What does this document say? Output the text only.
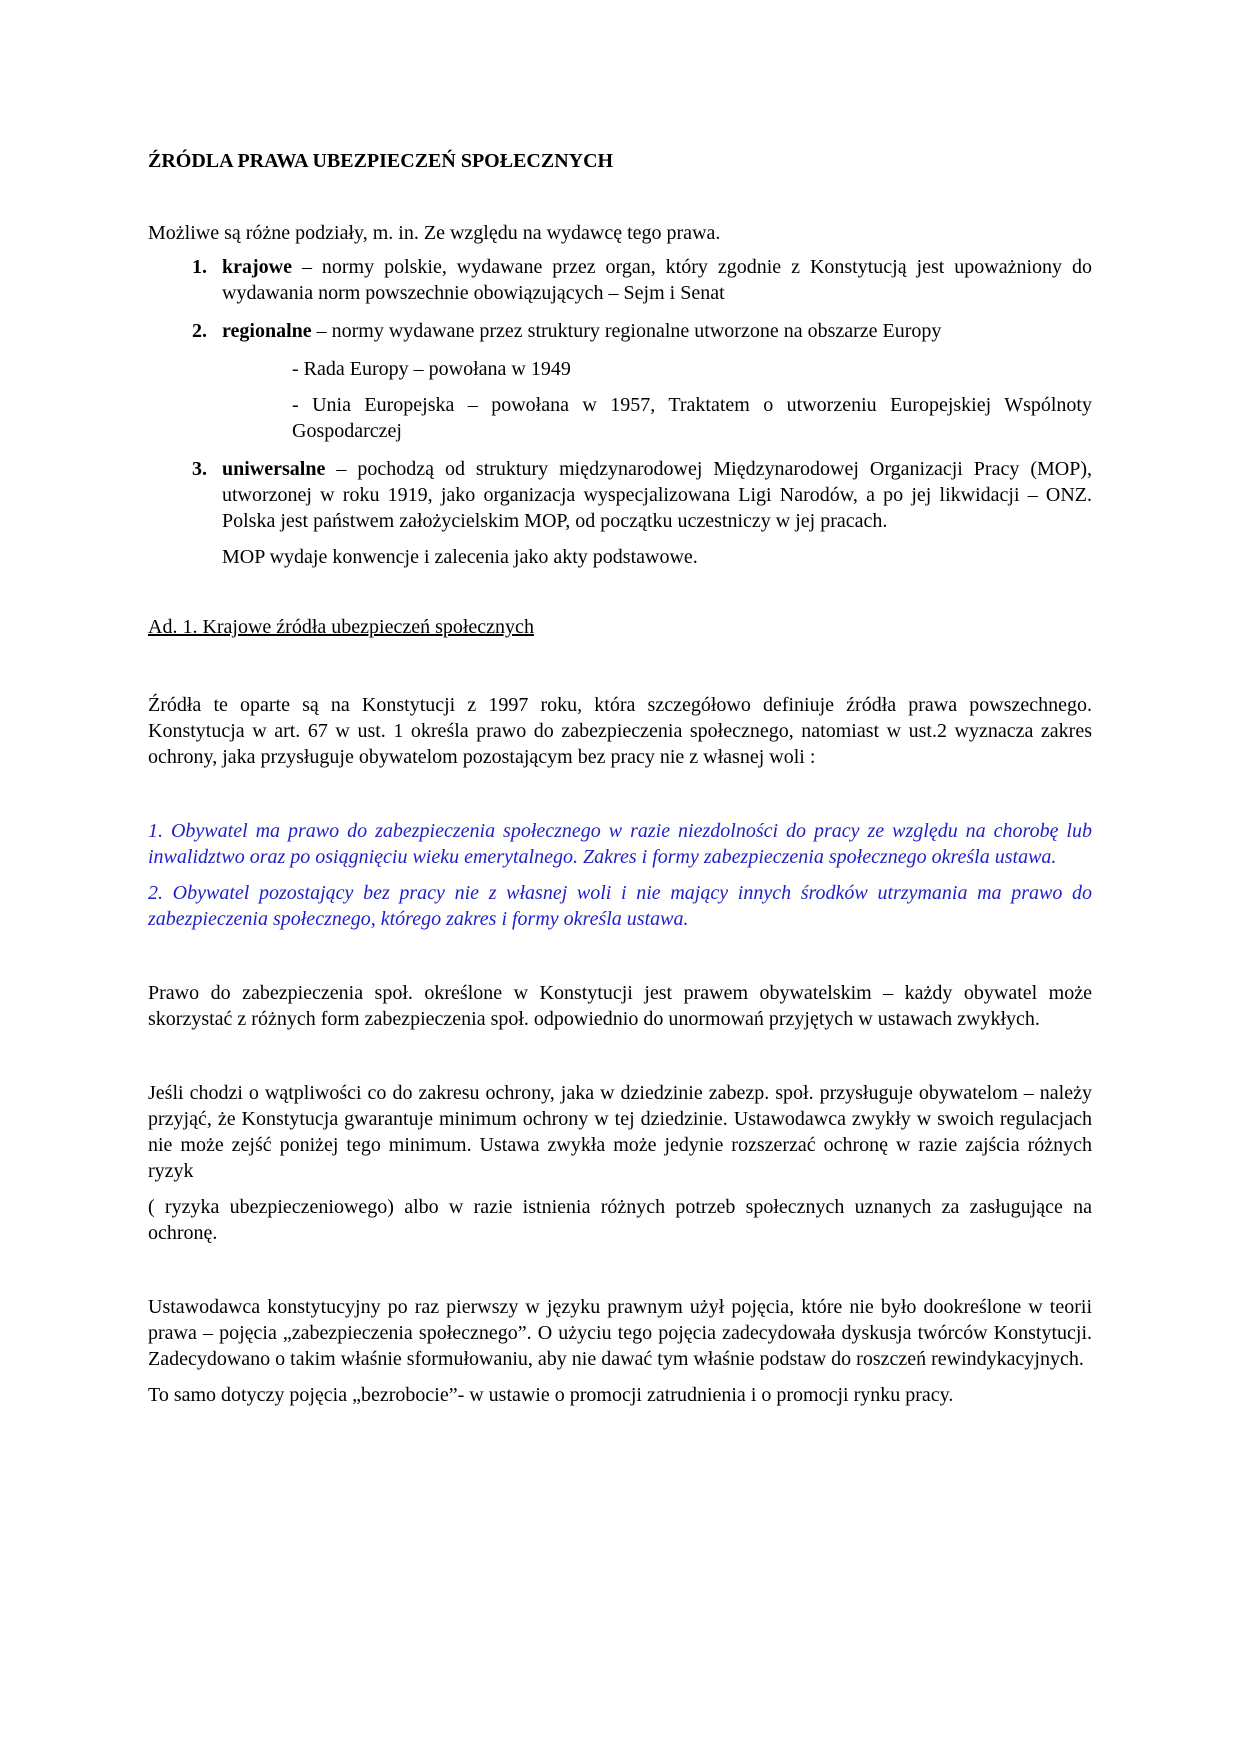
ŹRÓDLA PRAWA UBEZPIECZEŃ SPOŁECZNYCH

Możliwe są różne podziały, m. in. Ze względu na wydawcę tego prawa.

1. krajowe – normy polskie, wydawane przez organ, który zgodnie z Konstytucją jest upoważniony do wydawania norm powszechnie obowiązujących – Sejm i Senat

2. regionalne – normy wydawane przez struktury regionalne utworzone na obszarze Europy

- Rada Europy – powołana w 1949

- Unia Europejska – powołana w 1957, Traktatem o utworzeniu Europejskiej Wspólnoty Gospodarczej

3. uniwersalne – pochodzą od struktury międzynarodowej Międzynarodowej Organizacji Pracy (MOP), utworzonej w roku 1919, jako organizacja wyspecjalizowana Ligi Narodów, a po jej likwidacji – ONZ. Polska jest państwem założycielskim MOP, od początku uczestniczy w jej pracach.

MOP wydaje konwencje i zalecenia jako akty podstawowe.

Ad. 1. Krajowe źródła ubezpieczeń społecznych

Źródła te oparte są na Konstytucji z 1997 roku, która szczegółowo definiuje źródła prawa powszechnego. Konstytucja w art. 67 w ust. 1 określa prawo do zabezpieczenia społecznego, natomiast w ust.2 wyznacza zakres ochrony, jaka przysługuje obywatelom pozostającym bez pracy nie z własnej woli :

1. Obywatel ma prawo do zabezpieczenia społecznego w razie niezdolności do pracy ze względu na chorobę lub inwalidztwo oraz po osiągnięciu wieku emerytalnego. Zakres i formy zabezpieczenia społecznego określa ustawa.

2. Obywatel pozostający bez pracy nie z własnej woli i nie mający innych środków utrzymania ma prawo do zabezpieczenia społecznego, którego zakres i formy określa ustawa.

Prawo do zabezpieczenia społ. określone w Konstytucji jest prawem obywatelskim – każdy obywatel może skorzystać z różnych form zabezpieczenia społ. odpowiednio do unormowań przyjętych w ustawach zwykłych.

Jeśli chodzi o wątpliwości co do zakresu ochrony, jaka w dziedzinie zabezp. społ. przysługuje obywatelom – należy przyjąć, że Konstytucja gwarantuje minimum ochrony w tej dziedzinie. Ustawodawca zwykły w swoich regulacjach nie może zejść poniżej tego minimum. Ustawa zwykła może jedynie rozszerzać ochronę w razie zajścia różnych ryzyk

( ryzyka ubezpieczeniowego) albo w razie istnienia różnych potrzeb społecznych uznanych za zasługujące na ochronę.

Ustawodawca konstytucyjny po raz pierwszy w języku prawnym użył pojęcia, które nie było dookreślone w teorii prawa – pojęcia „zabezpieczenia społecznego”. O użyciu tego pojęcia zadecydowała dyskusja twórców Konstytucji. Zadecydowano o takim właśnie sformułowaniu, aby nie dawać tym właśnie podstaw do roszczeń rewindykacyjnych.

To samo dotyczy pojęcia „bezrobocie”- w ustawie o promocji zatrudnienia i o promocji rynku pracy.
